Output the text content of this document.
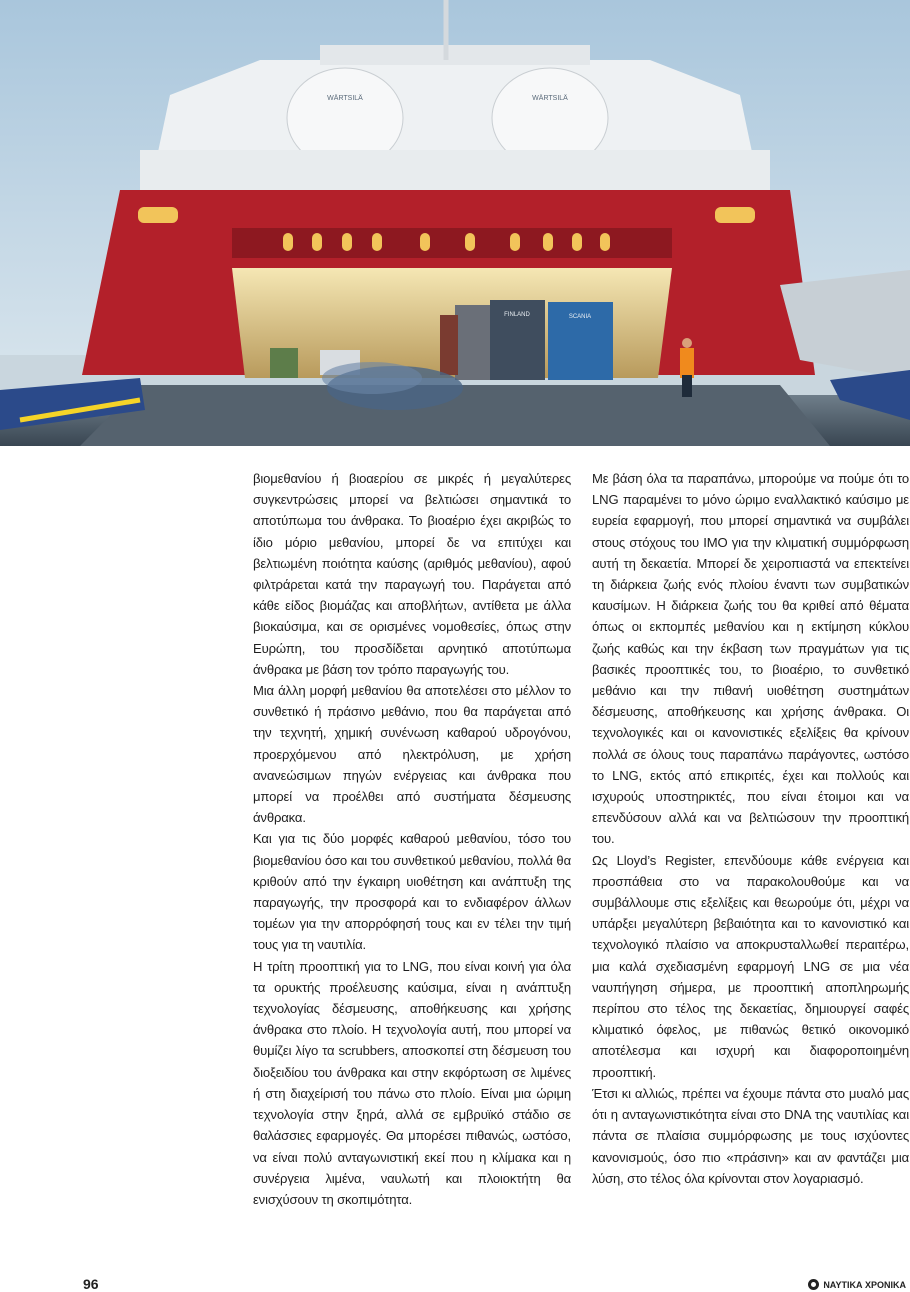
WÄRTSILÄ	WÄRTSILÄ
FINLAND	SCANIA

βιομεθανίου ή βιοαερίου σε μικρές ή μεγαλύτερες συγκεντρώσεις μπορεί να βελτιώσει σημαντικά το αποτύπωμα του άνθρακα. Το βιοαέριο έχει ακριβώς το ίδιο μόριο μεθανίου, μπορεί δε να επιτύχει και βελτιωμένη ποιότητα καύσης (αριθμός μεθανίου), αφού φιλτράρεται κατά την παραγωγή του. Παράγεται από κάθε είδος βιομάζας και αποβλήτων, αντίθετα με άλλα βιοκαύσιμα, και σε ορισμένες νομοθεσίες, όπως στην Ευρώπη, του προσδίδεται αρνητικό αποτύπωμα άνθρακα με βάση τον τρόπο παραγωγής του.

Μια άλλη μορφή μεθανίου θα αποτελέσει στο μέλλον το συνθετικό ή πράσινο μεθάνιο, που θα παράγεται από την τεχνητή, χημική συνένωση καθαρού υδρογόνου, προερχόμενου από ηλεκτρόλυση, με χρήση ανανεώσιμων πηγών ενέργειας και άνθρακα που μπορεί να προέλθει από συστήματα δέσμευσης άνθρακα.

Και για τις δύο μορφές καθαρού μεθανίου, τόσο του βιομεθανίου όσο και του συνθετικού μεθανίου, πολλά θα κριθούν από την έγκαιρη υιοθέτηση και ανάπτυξη της παραγωγής, την προσφορά και το ενδιαφέρον άλλων τομέων για την απορρόφησή τους και εν τέλει την τιμή τους για τη ναυτιλία.

Η τρίτη προοπτική για το LNG, που είναι κοινή για όλα τα ορυκτής προέλευσης καύσιμα, είναι η ανάπτυξη τεχνολογίας δέσμευσης, αποθήκευσης και χρήσης άνθρακα στο πλοίο. Η τεχνολογία αυτή, που μπορεί να θυμίζει λίγο τα scrubbers, αποσκοπεί στη δέσμευση του διοξειδίου του άνθρακα και στην εκφόρτωση σε λιμένες ή στη διαχείρισή του πάνω στο πλοίο. Είναι μια ώριμη τεχνολογία στην ξηρά, αλλά σε εμβρυϊκό στάδιο σε θαλάσσιες εφαρμογές. Θα μπορέσει πιθανώς, ωστόσο, να είναι πολύ ανταγωνιστική εκεί που η κλίμακα και η συνέργεια λιμένα, ναυλωτή και πλοιοκτήτη θα ενισχύσουν τη σκοπιμότητα.

Με βάση όλα τα παραπάνω, μπορούμε να πούμε ότι το LNG παραμένει το μόνο ώριμο εναλλακτικό καύσιμο με ευρεία εφαρμογή, που μπορεί σημαντικά να συμβάλει στους στόχους του IMO για την κλιματική συμμόρφωση αυτή τη δεκαετία. Μπορεί δε χειροπιαστά να επεκτείνει τη διάρκεια ζωής ενός πλοίου έναντι των συμβατικών καυσίμων. Η διάρκεια ζωής του θα κριθεί από θέματα όπως οι εκπομπές μεθανίου και η εκτίμηση κύκλου ζωής καθώς και την έκβαση των πραγμάτων για τις βασικές προοπτικές του, το βιοαέριο, το συνθετικό μεθάνιο και την πιθανή υιοθέτηση συστημάτων δέσμευσης, αποθήκευσης και χρήσης άνθρακα. Οι τεχνολογικές και οι κανονιστικές εξελίξεις θα κρίνουν πολλά σε όλους τους παραπάνω παράγοντες, ωστόσο το LNG, εκτός από επικριτές, έχει και πολλούς και ισχυρούς υποστηρικτές, που είναι έτοιμοι και να επενδύσουν αλλά και να βελτιώσουν την προοπτική του.

Ως Lloyd’s Register, επενδύουμε κάθε ενέργεια και προσπάθεια στο να παρακολουθούμε και να συμβάλλουμε στις εξελίξεις και θεωρούμε ότι, μέχρι να υπάρξει μεγαλύτερη βεβαιότητα και το κανονιστικό και τεχνολογικό πλαίσιο να αποκρυσταλλωθεί περαιτέρω, μια καλά σχεδιασμένη εφαρμογή LNG σε μια νέα ναυπήγηση σήμερα, με προοπτική αποπληρωμής περίπου στο τέλος της δεκαετίας, δημιουργεί σαφές κλιματικό όφελος, με πιθανώς θετικό οικονομικό αποτέλεσμα και ισχυρή και διαφοροποιημένη προοπτική.

Έτσι κι αλλιώς, πρέπει να έχουμε πάντα στο μυαλό μας ότι η ανταγωνιστικότητα είναι στο DNA της ναυτιλίας και πάντα σε πλαίσια συμμόρφωσης με τους ισχύοντες κανονισμούς, όσο πιο «πράσινη» και αν φαντάζει μια λύση, στο τέλος όλα κρίνονται στον λογαριασμό.

96	ΝΑΥΤΙΚΑ ΧΡΟΝΙΚΑ
